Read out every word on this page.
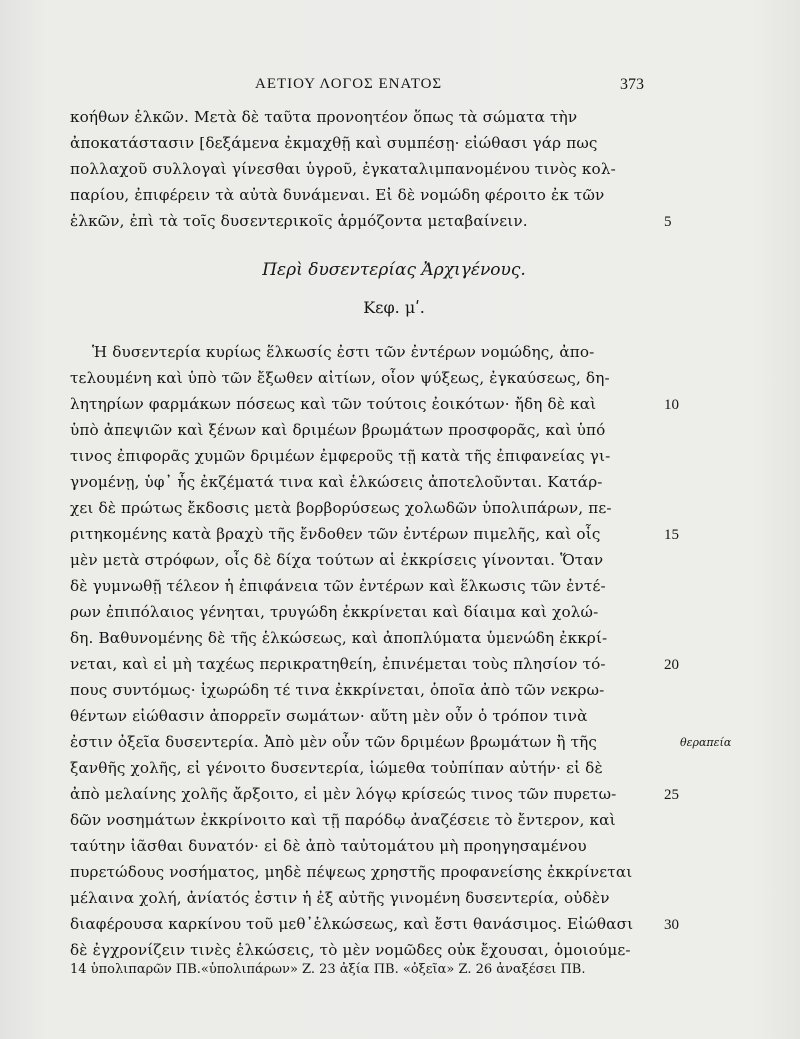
ΑΕΤΙΟΥ ΛΟΓΟΣ ΕΝΑΤΟΣ	373
κοήθων ἑλκῶν. Μετὰ δὲ ταῦτα προνοητέον ὅπως τὰ σώματα τὴν
ἀποκατάστασιν [δεξάμενα ἐκμαχθῇ καὶ συμπέσῃ· εἰώθασι γάρ πως
πολλαχοῦ συλλογαὶ γίνεσθαι ὑγροῦ, ἐγκαταλιμπανομένου τινὸς κολ-
παρίου, ἐπιφέρειν τὰ αὐτὰ δυνάμεναι. Εἰ δὲ νομώδη φέροιτο ἐκ τῶν
ἑλκῶν, ἐπὶ τὰ τοῖς δυσεντερικοῖς ἁρμόζοντα μεταβαίνειν.	5
Περὶ δυσεντερίας Ἀρχιγένους.
Κεφ. μʹ.
Ἡ δυσεντερία κυρίως ἕλκωσίς ἐστι τῶν ἐντέρων νομώδης, ἀπο-
τελουμένη καὶ ὑπὸ τῶν ἔξωθεν αἰτίων, οἷον ψύξεως, ἐγκαύσεως, δη-
λητηρίων φαρμάκων πόσεως καὶ τῶν τούτοις ἐοικότων· ἤδη δὲ καὶ	10
ὑπὸ ἀπεψιῶν καὶ ξένων καὶ δριμέων βρωμάτων προσφορᾶς, καὶ ὑπό
τινος ἐπιφορᾶς χυμῶν δριμέων ἐμφεροῦς τῇ κατὰ τῆς ἐπιφανείας γι-
γνομένῃ, ὑφ᾽ ἧς ἐκζέματά τινα καὶ ἑλκώσεις ἀποτελοῦνται. Κατάρ-
χει δὲ πρώτως ἔκδοσις μετὰ βορβορύσεως χολωδῶν ὑπολιπάρων, πε-
ριτηκομένης κατὰ βραχὺ τῆς ἔνδοθεν τῶν ἐντέρων πιμελῆς, καὶ οἷς	15
μὲν μετὰ στρόφων, οἷς δὲ δίχα τούτων αἱ ἐκκρίσεις γίνονται. Ὅταν
δὲ γυμνωθῇ τέλεον ἡ ἐπιφάνεια τῶν ἐντέρων καὶ ἕλκωσις τῶν ἐντέ-
ρων ἐπιπόλαιος γένηται, τρυγώδη ἐκκρίνεται καὶ δίαιμα καὶ χολώ-
δη. Βαθυνομένης δὲ τῆς ἑλκώσεως, καὶ ἀποπλύματα ὑμενώδη ἐκκρί-
νεται, καὶ εἰ μὴ ταχέως περικρατηθείη, ἐπινέμεται τοὺς πλησίον τό-	20
πους συντόμως· ἰχωρώδη τέ τινα ἐκκρίνεται, ὁποῖα ἀπὸ τῶν νεκρω-
θέντων εἰώθασιν ἀπορρεῖν σωμάτων· αὕτη μὲν οὖν ὁ τρόπον τινὰ
ἐστιν ὀξεῖα δυσεντερία. Ἀπὸ μὲν οὖν τῶν δριμέων βρωμάτων ἢ τῆς	θεραπεία
ξανθῆς χολῆς, εἰ γένοιτο δυσεντερία, ἰώμεθα τοὐπίπαν αὐτήν· εἰ δὲ
ἀπὸ μελαίνης χολῆς ἄρξοιτο, εἰ μὲν λόγῳ κρίσεώς τινος τῶν πυρετω-	25
δῶν νοσημάτων ἐκκρίνοιτο καὶ τῇ παρόδῳ ἀναζέσειε τὸ ἔντερον, καὶ
ταύτην ἰᾶσθαι δυνατόν· εἰ δὲ ἀπὸ ταὐτομάτου μὴ προηγησαμένου
πυρετώδους νοσήματος, μηδὲ πέψεως χρηστῆς προφανείσης ἐκκρίνεται
μέλαινα χολή, ἀνίατός ἐστιν ἡ ἐξ αὐτῆς γινομένη δυσεντερία, οὐδὲν
διαφέρουσα καρκίνου τοῦ μεθ᾽ἑλκώσεως, καὶ ἔστι θανάσιμος. Εἰώθασι	30
δὲ ἐγχρονίζειν τινὲς ἑλκώσεις, τὸ μὲν νομῶδες οὐκ ἔχουσαι, ὁμοιούμε-
14 ὑπολιπαρῶν ΠΒ.«ὑπολιπάρων» Z. 23 ἀξία ΠΒ. «ὀξεῖα» Z. 26 ἀναξέσει ΠΒ.
